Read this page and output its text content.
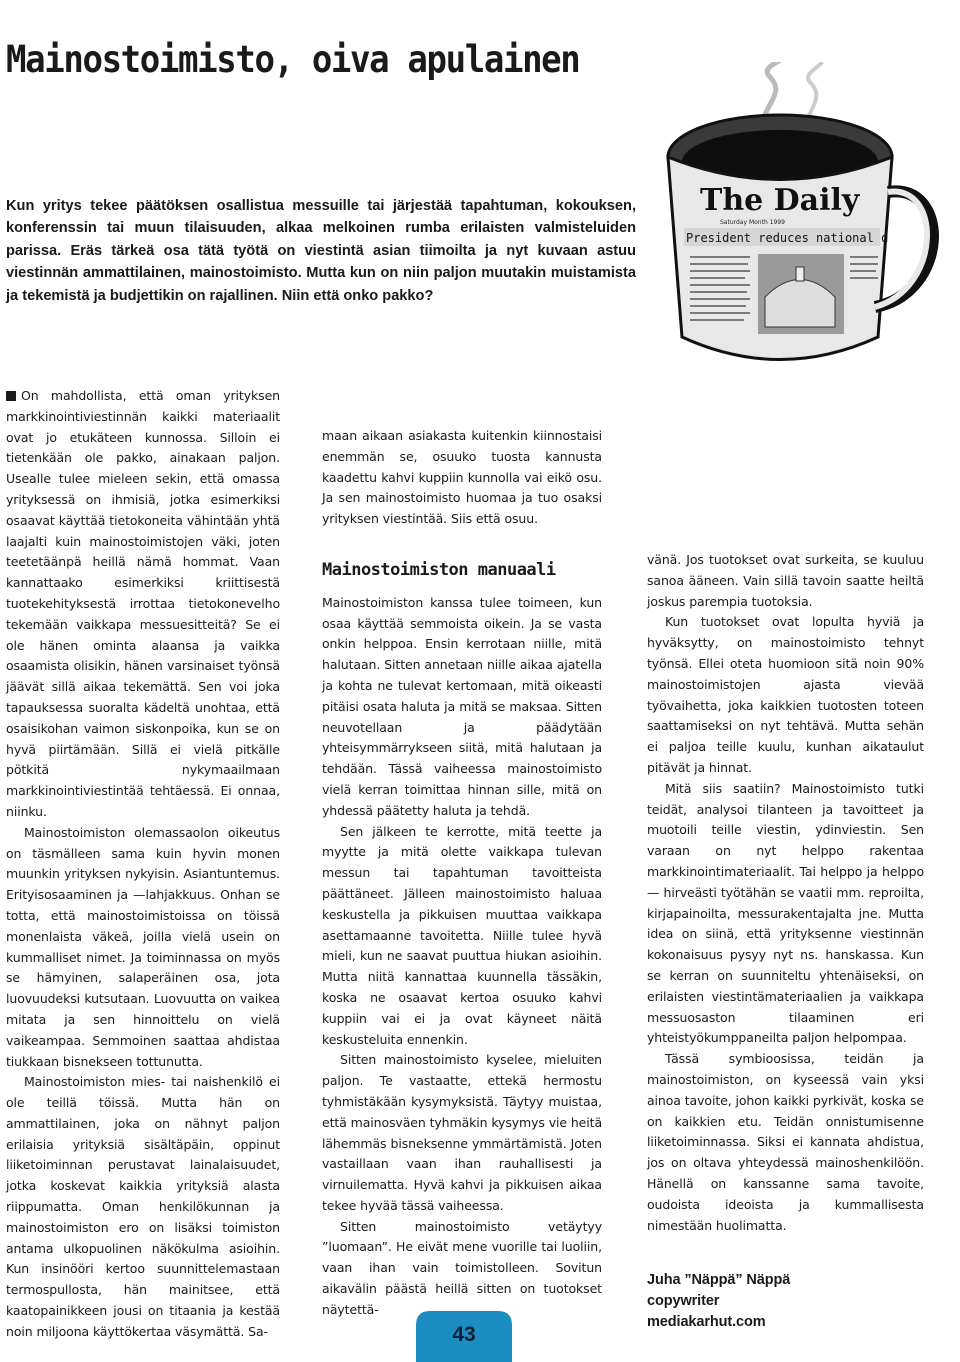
Mainostoimisto, oiva apulainen

Kun yritys tekee päätöksen osallistua messuille tai järjestää tapahtuman, kokouksen, konferenssin tai muun tilaisuuden, alkaa melkoinen rumba erilaisten valmisteluiden parissa. Eräs tärkeä osa tätä työtä on viestintä asian tiimoilta ja nyt kuvaan astuu viestinnän ammattilainen, mainostoimisto. Mutta kun on niin paljon muutakin muistamista ja tekemistä ja budjettikin on rajallinen. Niin että onko pakko?

The Daily
Saturday Month 1999
President reduces national d

On mahdollista, että oman yrityksen markkinointiviestinnän kaikki materiaalit ovat jo etukäteen kunnossa. Silloin ei tietenkään ole pakko, ainakaan paljon. Usealle tulee mieleen sekin, että omassa yrityksessä on ihmisiä, jotka esimerkiksi osaavat käyttää tietokoneita vähintään yhtä laajalti kuin mainostoimistojen väki, joten teetetäänpä heillä nämä hommat. Vaan kannattaako esimerkiksi kriittisestä tuotekehityksestä irrottaa tietokonevelho tekemään vaikkapa messuesitteitä? Se ei ole hänen ominta alaansa ja vaikka osaamista olisikin, hänen varsinaiset työnsä jäävät sillä aikaa tekemättä. Sen voi joka tapauksessa suoralta kädeltä unohtaa, että osaisikohan vaimon siskonpoika, kun se on hyvä piirtämään. Sillä ei vielä pitkälle pötkitä nykymaailmaan markkinointiviestintää tehtäessä. Ei onnaa, niinku.

Mainostoimiston olemassaolon oikeutus on täsmälleen sama kuin hyvin monen muunkin yrityksen nykyisin. Asiantuntemus. Erityisosaaminen ja —lahjakkuus. Onhan se totta, että mainostoimistoissa on töissä monenlaista väkeä, joilla vielä usein on kummalliset nimet. Ja toiminnassa on myös se hämyinen, salaperäinen osa, jota luovuudeksi kutsutaan. Luovuutta on vaikea mitata ja sen hinnoittelu on vielä vaikeampaa. Semmoinen saattaa ahdistaa tiukkaan bisnekseen tottunutta.

Mainostoimiston mies- tai naishenkilö ei ole teillä töissä. Mutta hän on ammattilainen, joka on nähnyt paljon erilaisia yrityksiä sisältäpäin, oppinut liiketoiminnan perustavat lainalaisuudet, jotka koskevat kaikkia yrityksiä alasta riippumatta. Oman henkilökunnan ja mainostoimiston ero on lisäksi toimiston antama ulkopuolinen näkökulma asioihin. Kun insinööri kertoo suunnittelemastaan termospullosta, hän mainitsee, että kaatopainikkeen jousi on titaania ja kestää noin miljoona käyttökertaa väsymättä. Sa-

maan aikaan asiakasta kuitenkin kiinnostaisi enemmän se, osuuko tuosta kannusta kaadettu kahvi kuppiin kunnolla vai eikö osu. Ja sen mainostoimisto huomaa ja tuo osaksi yrityksen viestintää. Siis että osuu.

Mainostoimiston manuaali

Mainostoimiston kanssa tulee toimeen, kun osaa käyttää semmoista oikein. Ja se vasta onkin helppoa. Ensin kerrotaan niille, mitä halutaan. Sitten annetaan niille aikaa ajatella ja kohta ne tulevat kertomaan, mitä oikeasti pitäisi osata haluta ja mitä se maksaa. Sitten neuvotellaan ja päädytään yhteisymmärrykseen siitä, mitä halutaan ja tehdään. Tässä vaiheessa mainostoimisto vielä kerran toimittaa hinnan sille, mitä on yhdessä päätetty haluta ja tehdä.

Sen jälkeen te kerrotte, mitä teette ja myytte ja mitä olette vaikkapa tulevan messun tai tapahtuman tavoitteista päättäneet. Jälleen mainostoimisto haluaa keskustella ja pikkuisen muuttaa vaikkapa asettamaanne tavoitetta. Niille tulee hyvä mieli, kun ne saavat puuttua hiukan asioihin. Mutta niitä kannattaa kuunnella tässäkin, koska ne osaavat kertoa osuuko kahvi kuppiin vai ei ja ovat käyneet näitä keskusteluita ennenkin.

Sitten mainostoimisto kyselee, mieluiten paljon. Te vastaatte, ettekä hermostu tyhmistäkään kysymyksistä. Täytyy muistaa, että mainosväen tyhmäkin kysymys vie heitä lähemmäs bisneksenne ymmärtämistä. Joten vastaillaan vaan ihan rauhallisesti ja virnuilematta. Hyvä kahvi ja pikkuisen aikaa tekee hyvää tässä vaiheessa.

Sitten mainostoimisto vetäytyy ”luomaan”. He eivät mene vuorille tai luoliin, vaan ihan vain toimistolleen. Sovitun aikavälin päästä heillä sitten on tuotokset näytettä-

vänä. Jos tuotokset ovat surkeita, se kuuluu sanoa ääneen. Vain sillä tavoin saatte heiltä joskus parempia tuotoksia.

Kun tuotokset ovat lopulta hyviä ja hyväksytty, on mainostoimisto tehnyt työnsä. Ellei oteta huomioon sitä noin 90% mainostoimistojen ajasta vievää työvaihetta, joka kaikkien tuotosten toteen saattamiseksi on nyt tehtävä. Mutta sehän ei paljoa teille kuulu, kunhan aikataulut pitävät ja hinnat.

Mitä siis saatiin? Mainostoimisto tutki teidät, analysoi tilanteen ja tavoitteet ja muotoili teille viestin, ydinviestin. Sen varaan on nyt helppo rakentaa markkinointimateriaalit. Tai helppo ja helppo — hirveästi työtähän se vaatii mm. reproilta, kirjapainoilta, messurakentajalta jne. Mutta idea on siinä, että yrityksenne viestinnän kokonaisuus pysyy nyt ns. hanskassa. Kun se kerran on suunniteltu yhtenäiseksi, on erilaisten viestintämateriaalien ja vaikkapa messuosaston tilaaminen eri yhteistyökumppaneilta paljon helpompaa.

Tässä symbioosissa, teidän ja mainostoimiston, on kyseessä vain yksi ainoa tavoite, johon kaikki pyrkivät, koska se on kaikkien etu. Teidän onnistumisenne liiketoiminnassa. Siksi ei kannata ahdistua, jos on oltava yhteydessä mainoshenkilöön. Hänellä on kanssanne sama tavoite, oudoista ideoista ja kummallisesta nimestään huolimatta.

Juha ”Näppä” Näppä
copywriter
mediakarhut.com
43
